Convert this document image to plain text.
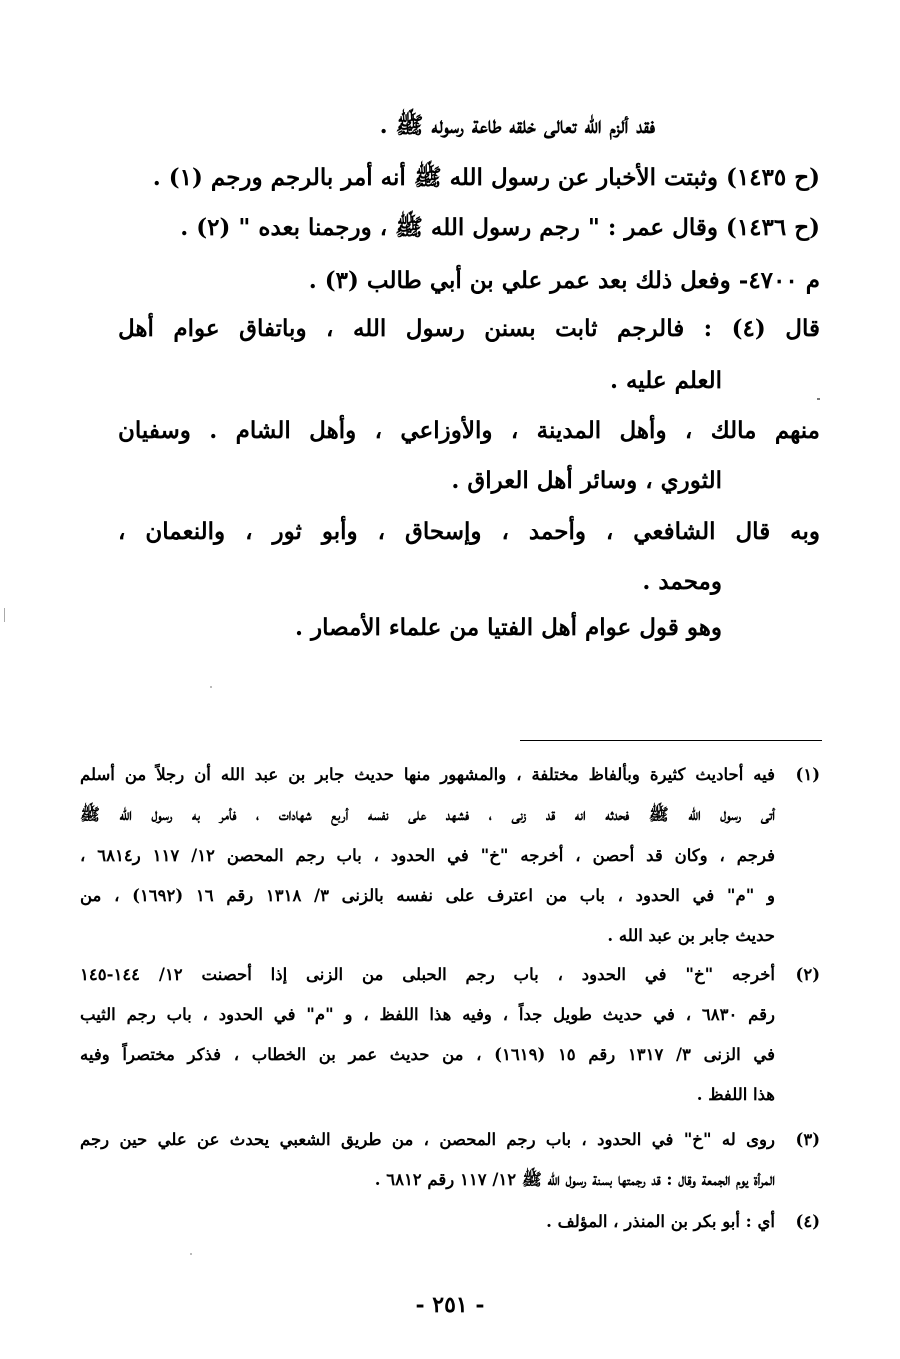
فقد ألزم الله تعالى خلقه طاعة رسوله ﷺ .
(ح ١٤٣٥) وثبتت الأخبار عن رسول الله ﷺ أنه أمر بالرجم ورجم (١) .
(ح ١٤٣٦) وقال عمر : " رجم رسول الله ﷺ ، ورجمنا بعده " (٢) .
م ٤٧٠٠- وفعل ذلك بعد عمر علي بن أبي طالب (٣) .
قال (٤) : فالرجم ثابت بسنن رسول الله ، وباتفاق عوام أهل
العلم عليه .
منهم مالك ، وأهل المدينة ، والأوزاعي ، وأهل الشام . وسفيان
الثوري ، وسائر أهل العراق .
وبه قال الشافعي ، وأحمد ، وإسحاق ، وأبو ثور ، والنعمان ،
ومحمد .
وهو قول عوام أهل الفتيا من علماء الأمصار .
(١)
فيه أحاديث كثيرة وبألفاظ مختلفة ، والمشهور منها حديث جابر بن عبد الله أن رجلاً من أسلم
أتى رسول الله ﷺ فحدثه انه قد زنى ، فشهد على نفسه أربع شهادات ، فأمر به رسول الله ﷺ
فرجم ، وكان قد أحصن ، أخرجه "خ" في الحدود ، باب رجم المحصن ١٢/ ١١٧ ر٦٨١٤ ،
و "م" في الحدود ، باب من اعترف على نفسه بالزنى ٣/ ١٣١٨ رقم ١٦ (١٦٩٢) ، من
حديث جابر بن عبد الله .
(٢)
أخرجه "خ" في الحدود ، باب رجم الحبلى من الزنى إذا أحصنت ١٢/ ١٤٤-١٤٥
رقم ٦٨٣٠ ، في حديث طويل جداً ، وفيه هذا اللفظ ، و "م" في الحدود ، باب رجم الثيب
في الزنى ٣/ ١٣١٧ رقم ١٥ (١٦١٩) ، من حديث عمر بن الخطاب ، فذكر مختصراً وفيه
هذا اللفظ .
(٣)
روى له "خ" في الحدود ، باب رجم المحصن ، من طريق الشعبي يحدث عن علي حين رجم
المرأة يوم الجمعة وقال : قد رجمتها بسنة رسول الله ﷺ ١٢/ ١١٧ رقم ٦٨١٢ .
(٤)
أي : أبو بكر بن المنذر ، المؤلف .
- ٢٥١ -
